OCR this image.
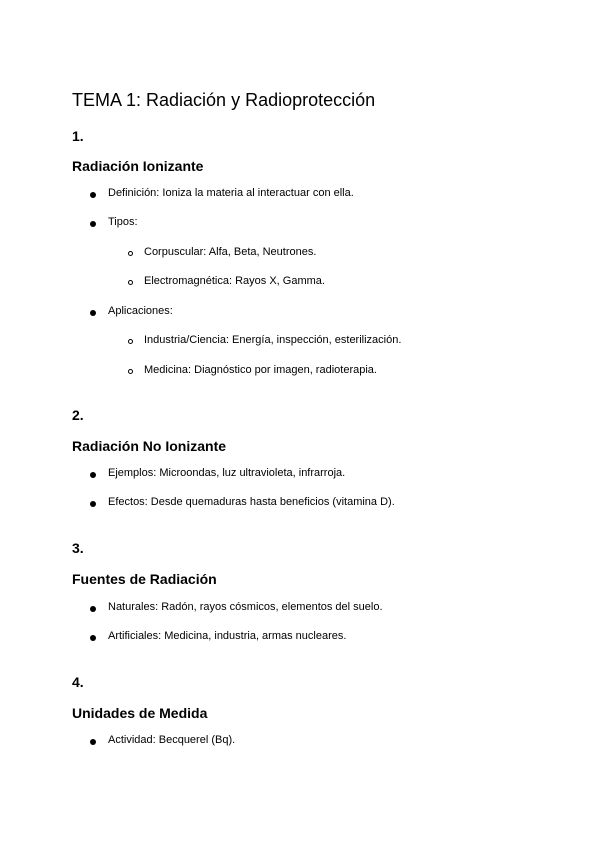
TEMA 1: Radiación y Radioprotección
1.
Radiación Ionizante
Definición: Ioniza la materia al interactuar con ella.
Tipos:
Corpuscular: Alfa, Beta, Neutrones.
Electromagnética: Rayos X, Gamma.
Aplicaciones:
Industria/Ciencia: Energía, inspección, esterilización.
Medicina: Diagnóstico por imagen, radioterapia.
2.
Radiación No Ionizante
Ejemplos: Microondas, luz ultravioleta, infrarroja.
Efectos: Desde quemaduras hasta beneficios (vitamina D).
3.
Fuentes de Radiación
Naturales: Radón, rayos cósmicos, elementos del suelo.
Artificiales: Medicina, industria, armas nucleares.
4.
Unidades de Medida
Actividad: Becquerel (Bq).
